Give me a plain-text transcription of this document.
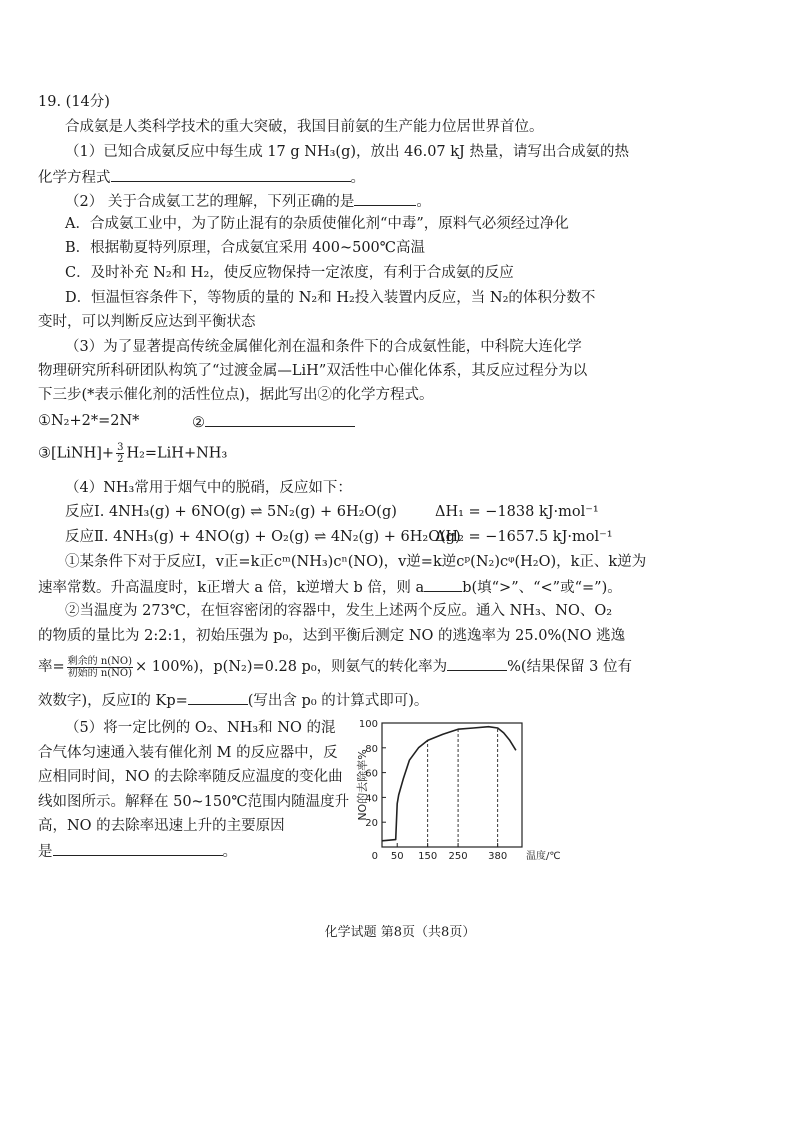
19. (14分)
合成氨是人类科学技术的重大突破，我国目前氨的生产能力位居世界首位。
（1）已知合成氨反应中每生成 17 g NH₃(g)，放出 46.07 kJ 热量，请写出合成氨的热
化学方程式	。
（2） 关于合成氨工艺的理解，下列正确的是	。
A．合成氨工业中，为了防止混有的杂质使催化剂“中毒”，原料气必须经过净化
B．根据勒夏特列原理，合成氨宜采用 400~500℃高温
C．及时补充 N₂和 H₂，使反应物保持一定浓度，有利于合成氨的反应
D．恒温恒容条件下，等物质的量的 N₂和 H₂投入装置内反应，当 N₂的体积分数不
变时，可以判断反应达到平衡状态
（3）为了显著提高传统金属催化剂在温和条件下的合成氨性能，中科院大连化学
物理研究所科研团队构筑了“过渡金属—LiH”双活性中心催化体系，其反应过程分为以
下三步(*表示催化剂的活性位点)，据此写出②的化学方程式。
①N₂+2*=2N*	②
③[LiNH]+ $\frac{3}{2} H_2=LiH+NH_3$
（4）NH₃常用于烟气中的脱硝，反应如下：
反应Ⅰ. 4NH₃(g) + 6NO(g) ⇌ 5N₂(g) + 6H₂O(g)	ΔH₁ = −1838 kJ·mol⁻¹
反应Ⅱ. 4NH₃(g) + 4NO(g) + O₂(g) ⇌ 4N₂(g) + 6H₂O(g)
ΔH₂ = −1657.5 kJ·mol⁻¹
①某条件下对于反应Ⅰ，v正=k正cᵐ(NH₃)cⁿ(NO)，v逆=k逆cᵖ(N₂)cᵠ(H₂O)，k正、k逆为
速率常数。升高温度时，k正增大 a 倍，k逆增大 b 倍，则 a	b(填“>”、“<”或“=”)。
②当温度为 273℃，在恒容密闭的容器中，发生上述两个反应。通入 NH₃、NO、O₂
的物质的量比为 2:2:1，初始压强为 p₀，达到平衡后测定 NO 的逃逸率为 25.0%(NO 逃逸
率= $\frac{\text{剩余的 n(NO)}}{\text{初始的 n(NO)}} \times 100\%$)，p(N₂)=0.28 p₀，则氨气的转化率为	%(结果保留 3 位有
效数字)，反应Ⅰ的 Kp=	(写出含 p₀ 的计算式即可)。
（5）将一定比例的 O₂、NH₃和 NO 的混
合气体匀速通入装有催化剂 M 的反应器中，反
应相同时间，NO 的去除率随反应温度的变化曲
线如图所示。解释在 50~150℃范围内随温度升
高，NO 的去除率迅速上升的主要原因
是	。
20
40
60
80
100
0 50 150 250 380
NO的去除率%
温度/℃
化学试题 第8页（共8页）
